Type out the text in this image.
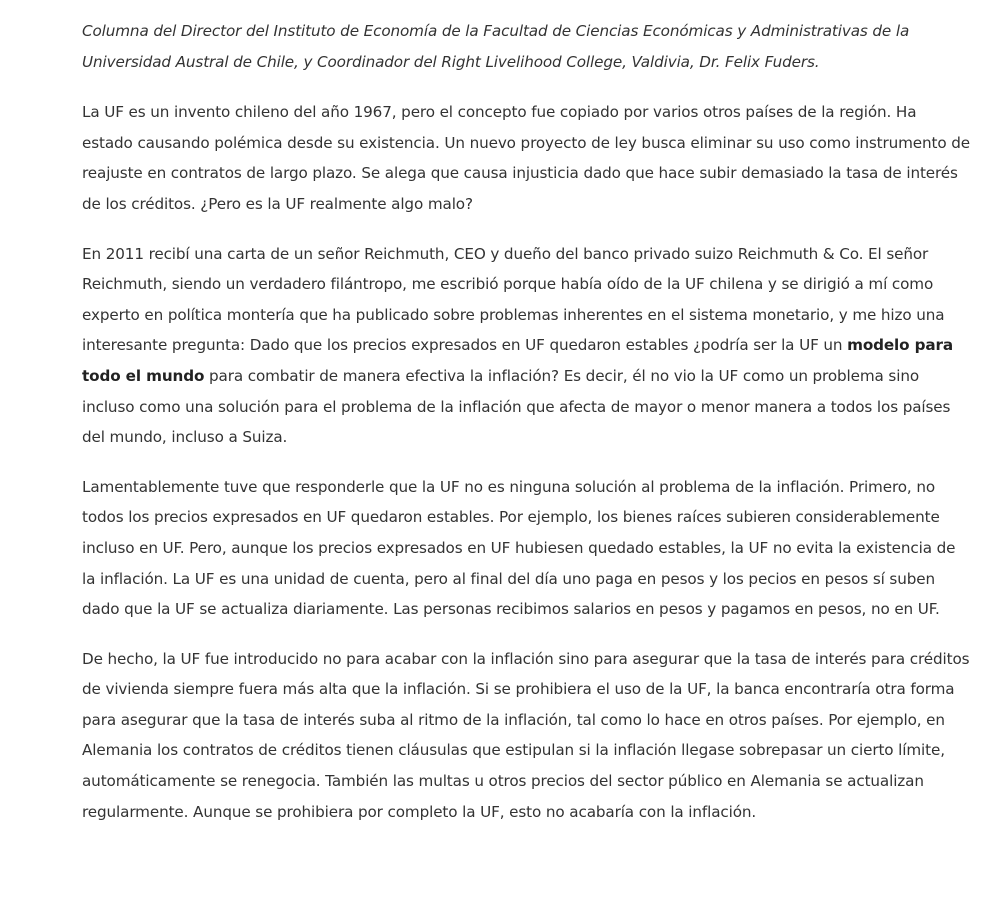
Columna del Director del Instituto de Economía de la Facultad de Ciencias Económicas y Administrativas de la Universidad Austral de Chile, y Coordinador del Right Livelihood College, Valdivia, Dr. Felix Fuders.

La UF es un invento chileno del año 1967, pero el concepto fue copiado por varios otros países de la región. Ha estado causando polémica desde su existencia. Un nuevo proyecto de ley busca eliminar su uso como instrumento de reajuste en contratos de largo plazo. Se alega que causa injusticia dado que hace subir demasiado la tasa de interés de los créditos. ¿Pero es la UF realmente algo malo?

En 2011 recibí una carta de un señor Reichmuth, CEO y dueño del banco privado suizo Reichmuth & Co. El señor Reichmuth, siendo un verdadero filántropo, me escribió porque había oído de la UF chilena y se dirigió a mí como experto en política montería que ha publicado sobre problemas inherentes en el sistema monetario, y me hizo una interesante pregunta: Dado que los precios expresados en UF quedaron estables ¿podría ser la UF un modelo para todo el mundo para combatir de manera efectiva la inflación? Es decir, él no vio la UF como un problema sino incluso como una solución para el problema de la inflación que afecta de mayor o menor manera a todos los países del mundo, incluso a Suiza.

Lamentablemente tuve que responderle que la UF no es ninguna solución al problema de la inflación. Primero, no todos los precios expresados en UF quedaron estables. Por ejemplo, los bienes raíces subieren considerablemente incluso en UF. Pero, aunque los precios expresados en UF hubiesen quedado estables, la UF no evita la existencia de la inflación. La UF es una unidad de cuenta, pero al final del día uno paga en pesos y los pecios en pesos sí suben dado que la UF se actualiza diariamente. Las personas recibimos salarios en pesos y pagamos en pesos, no en UF.

De hecho, la UF fue introducido no para acabar con la inflación sino para asegurar que la tasa de interés para créditos de vivienda siempre fuera más alta que la inflación. Si se prohibiera el uso de la UF, la banca encontraría otra forma para asegurar que la tasa de interés suba al ritmo de la inflación, tal como lo hace en otros países. Por ejemplo, en Alemania los contratos de créditos tienen cláusulas que estipulan si la inflación llegase sobrepasar un cierto límite, automáticamente se renegocia. También las multas u otros precios del sector público en Alemania se actualizan regularmente. Aunque se prohibiera por completo la UF, esto no acabaría con la inflación.
